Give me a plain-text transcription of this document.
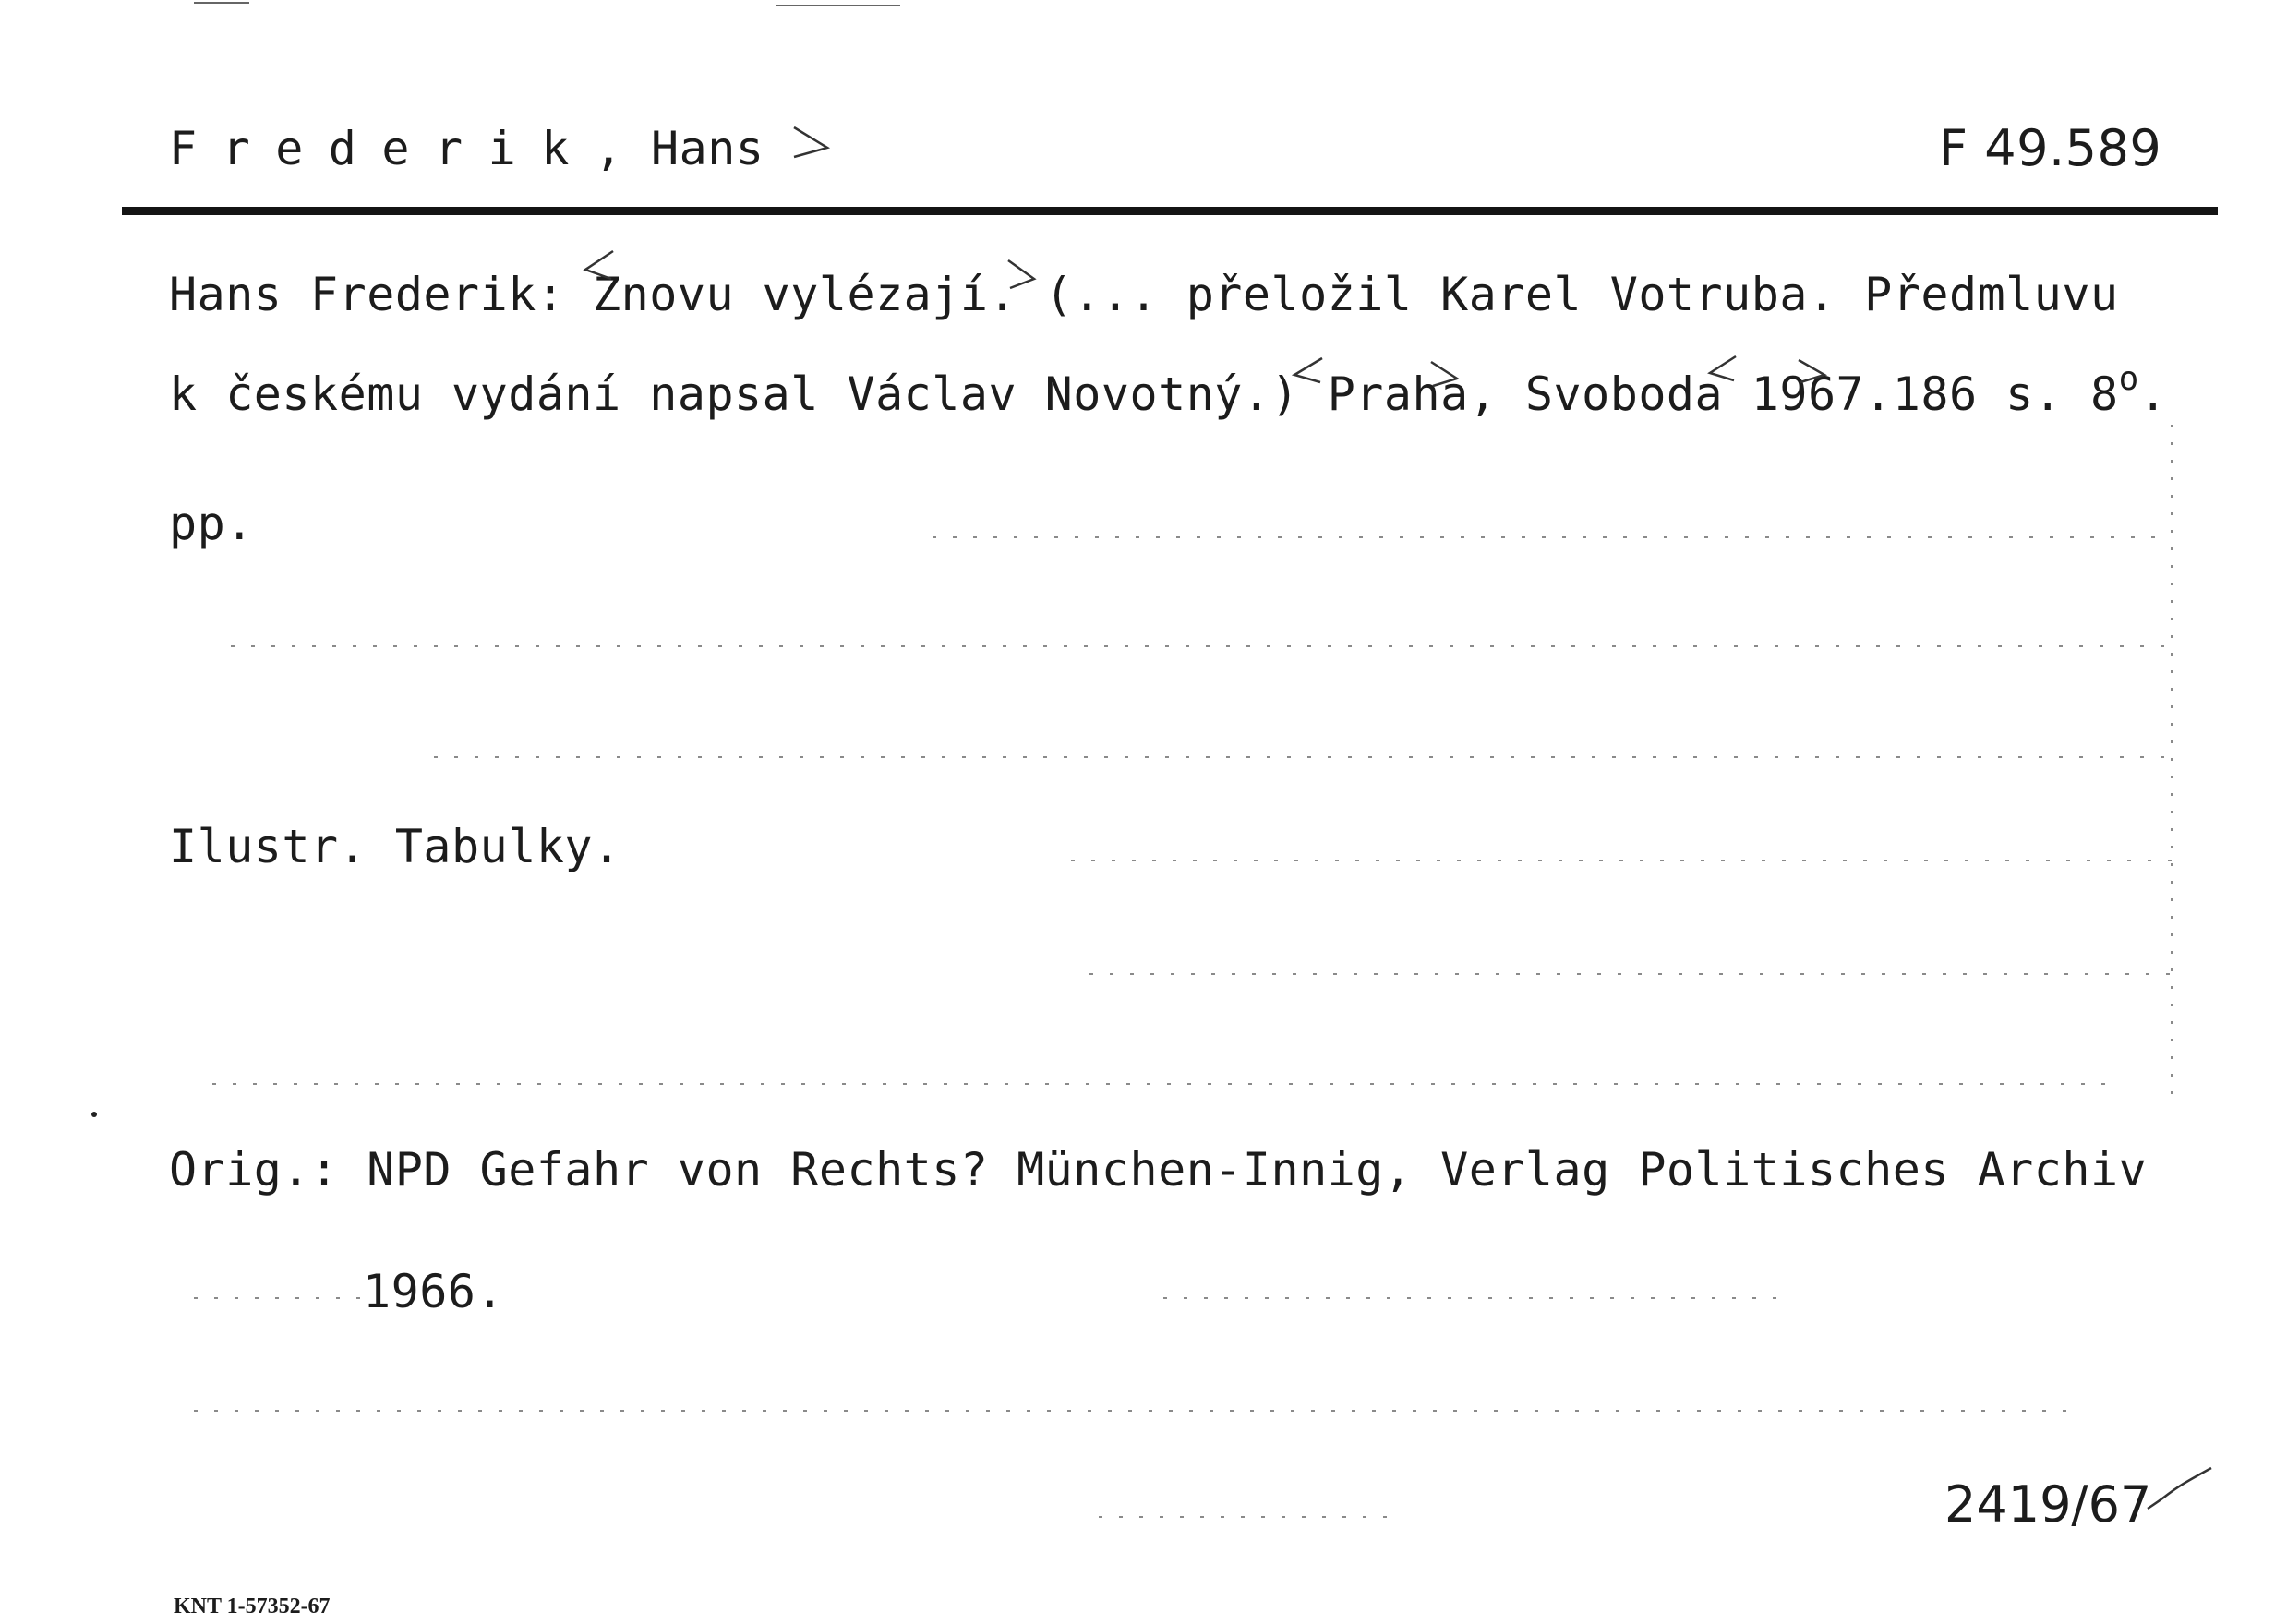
Frederik, Hans	F 49.589
Hans Frederik: Znovu vylézají. (... přeložil Karel Votruba. Předmluvu
k českému vydání napsal Václav Novotný.) Praha, Svoboda 1967.186 s. 8$^o$.
pp.
Ilustr. Tabulky.
Orig.: NPD Gefahr von Rechts? München-Innig, Verlag Politisches Archiv
1966.
2419/67
KNT 1-57352-67
